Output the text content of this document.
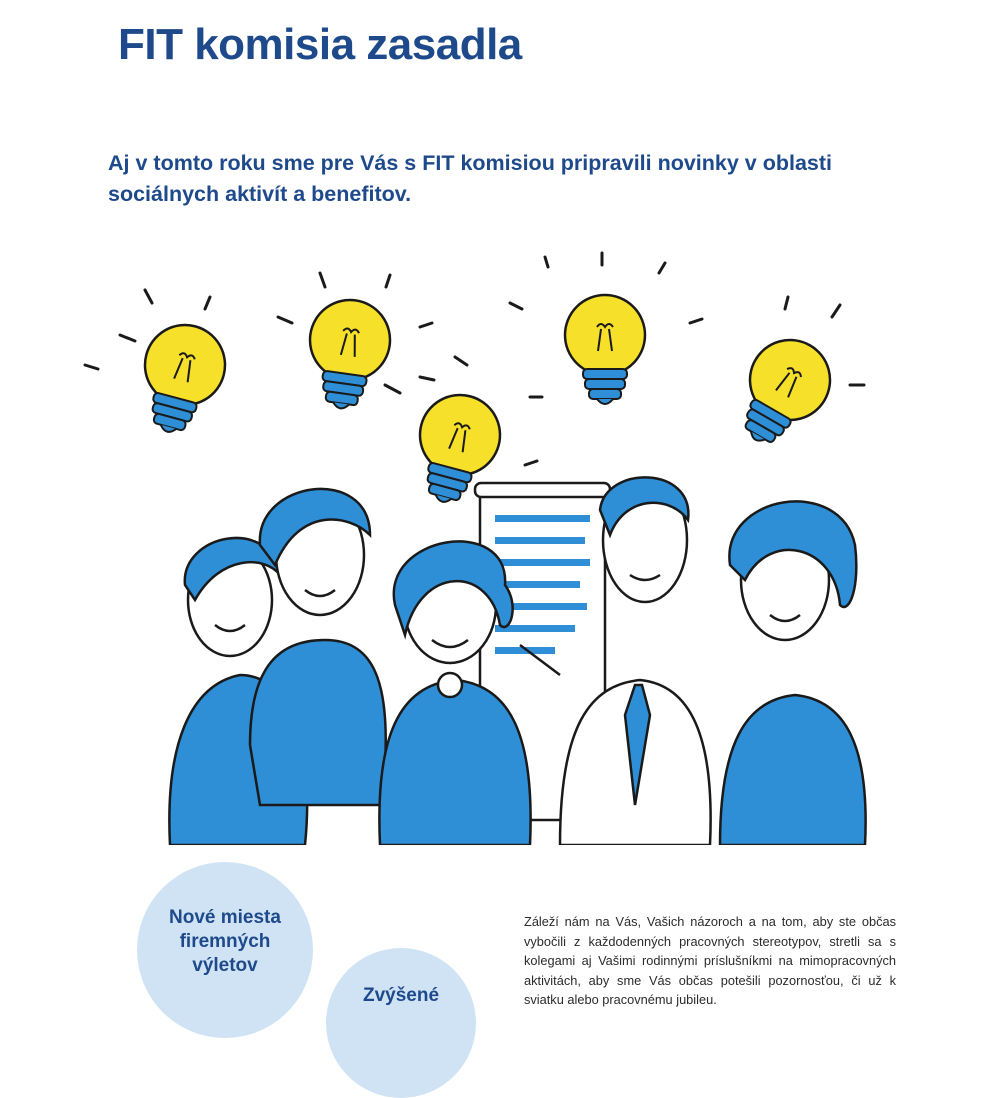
FIT komisia zasadla

Aj v tomto roku sme pre Vás s FIT komisiou pripravili novinky v oblasti sociálnych aktivít a benefitov.

Nové miesta firemných výletov
Zvýšené

Záleží nám na Vás, Vašich názoroch a na tom, aby ste občas vybočili z každodenných pracovných stereotypov, stretli sa s kolegami aj Vašimi rodinnými príslušníkmi na mimopracovných aktivitách, aby sme Vás občas potešili pozornosťou, či už k sviatku alebo pracovnému jubileu.
